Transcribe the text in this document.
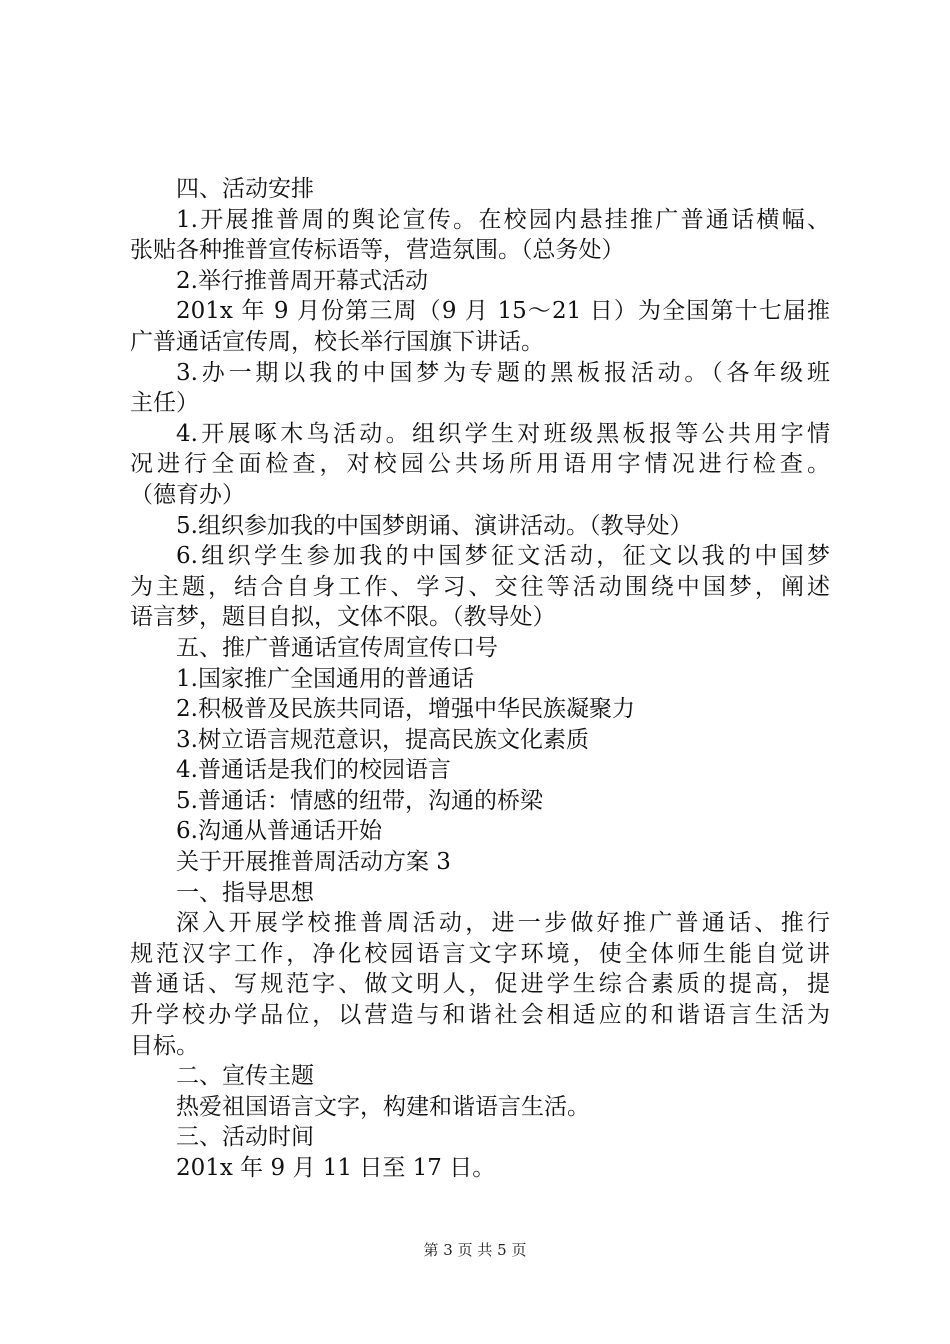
四、活动安排
1.开展推普周的舆论宣传。在校园内悬挂推广普通话横幅、
张贴各种推普宣传标语等，营造氛围。（总务处）
2.举行推普周开幕式活动
201x 年 9 月份第三周（9 月 15～21 日）为全国第十七届推
广普通话宣传周，校长举行国旗下讲话。
3.办一期以我的中国梦为专题的黑板报活动。（各年级班
主任）
4.开展啄木鸟活动。组织学生对班级黑板报等公共用字情
况进行全面检查，对校园公共场所用语用字情况进行检查。
（德育办）
5.组织参加我的中国梦朗诵、演讲活动。（教导处）
6.组织学生参加我的中国梦征文活动，征文以我的中国梦
为主题，结合自身工作、学习、交往等活动围绕中国梦，阐述
语言梦，题目自拟，文体不限。（教导处）
五、推广普通话宣传周宣传口号
1.国家推广全国通用的普通话
2.积极普及民族共同语，增强中华民族凝聚力
3.树立语言规范意识，提高民族文化素质
4.普通话是我们的校园语言
5.普通话：情感的纽带，沟通的桥梁
6.沟通从普通话开始
关于开展推普周活动方案 3
一、指导思想
深入开展学校推普周活动，进一步做好推广普通话、推行
规范汉字工作，净化校园语言文字环境，使全体师生能自觉讲
普通话、写规范字、做文明人，促进学生综合素质的提高，提
升学校办学品位，以营造与和谐社会相适应的和谐语言生活为
目标。
二、宣传主题
热爱祖国语言文字，构建和谐语言生活。
三、活动时间
201x 年 9 月 11 日至 17 日。
第 3 页 共 5 页
